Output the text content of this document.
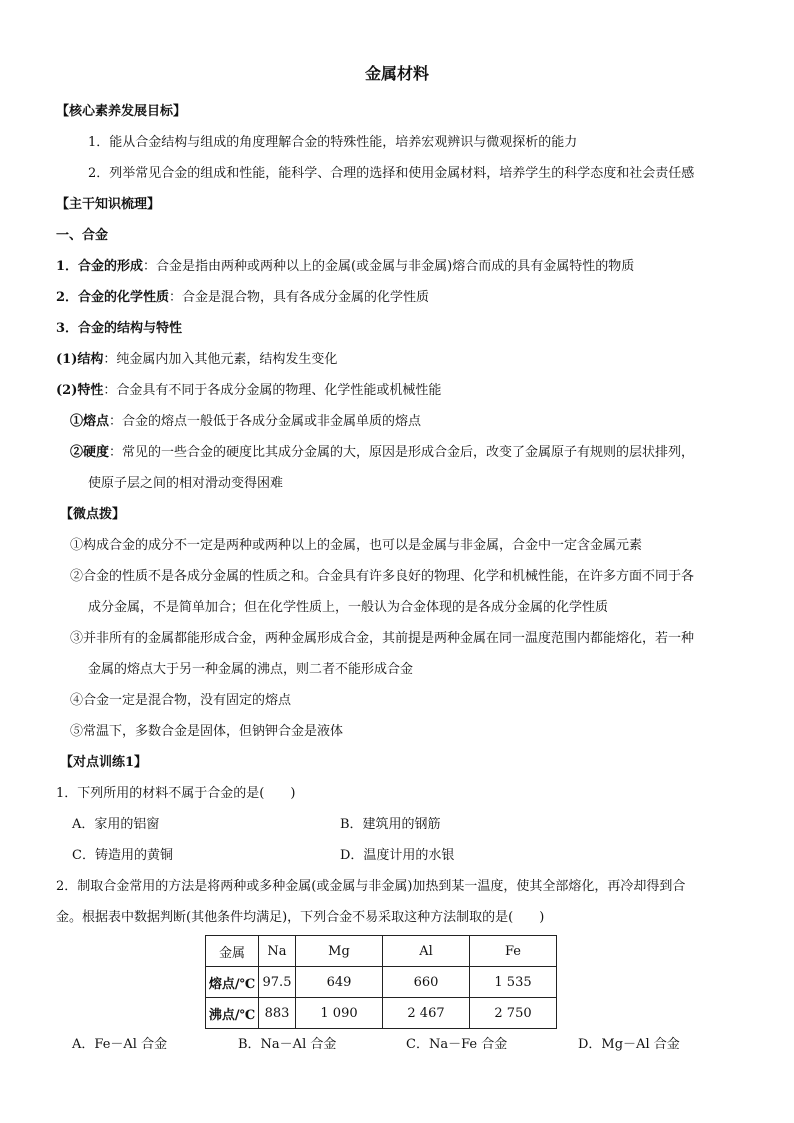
金属材料
【核心素养发展目标】
1．能从合金结构与组成的角度理解合金的特殊性能，培养宏观辨识与微观探析的能力
2．列举常见合金的组成和性能，能科学、合理的选择和使用金属材料，培养学生的科学态度和社会责任感
【主干知识梳理】
一、合金
1．合金的形成：合金是指由两种或两种以上的金属(或金属与非金属)熔合而成的具有金属特性的物质
2．合金的化学性质：合金是混合物，具有各成分金属的化学性质
3．合金的结构与特性
(1)结构：纯金属内加入其他元素，结构发生变化
(2)特性：合金具有不同于各成分金属的物理、化学性能或机械性能
①熔点：合金的熔点一般低于各成分金属或非金属单质的熔点
②硬度：常见的一些合金的硬度比其成分金属的大，原因是形成合金后，改变了金属原子有规则的层状排列，
使原子层之间的相对滑动变得困难
【微点拨】
①构成合金的成分不一定是两种或两种以上的金属，也可以是金属与非金属，合金中一定含金属元素
②合金的性质不是各成分金属的性质之和。合金具有许多良好的物理、化学和机械性能，在许多方面不同于各
成分金属，不是简单加合；但在化学性质上，一般认为合金体现的是各成分金属的化学性质
③并非所有的金属都能形成合金，两种金属形成合金，其前提是两种金属在同一温度范围内都能熔化，若一种
金属的熔点大于另一种金属的沸点，则二者不能形成合金
④合金一定是混合物，没有固定的熔点
⑤常温下，多数合金是固体，但钠钾合金是液体
【对点训练1】
1．下列所用的材料不属于合金的是(　　)
A．家用的铝窗	B．建筑用的钢筋
C．铸造用的黄铜	D．温度计用的水银
2．制取合金常用的方法是将两种或多种金属(或金属与非金属)加热到某一温度，使其全部熔化，再冷却得到合
金。根据表中数据判断(其他条件均满足)，下列合金不易采取这种方法制取的是(　　)
金属	Na	Mg	Al	Fe
熔点/℃	97.5	649	660	1 535
沸点/℃	883	1 090	2 467	2 750
A．Fe－Al 合金	B．Na－Al 合金	C．Na－Fe 合金	D．Mg－Al 合金
